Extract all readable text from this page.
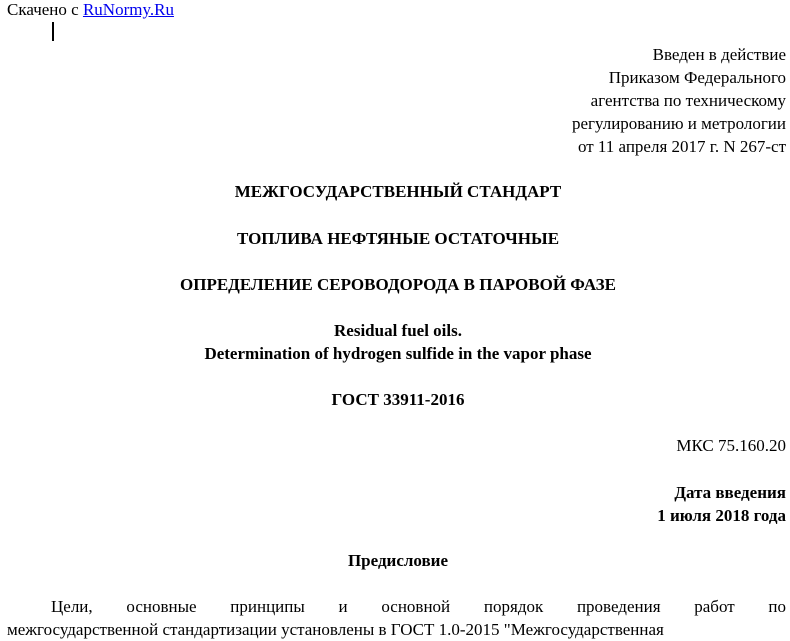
Скачено с RuNormy.Ru
Введен в действие
Приказом Федерального
агентства по техническому
регулированию и метрологии
от 11 апреля 2017 г. N 267-ст
МЕЖГОСУДАРСТВЕННЫЙ СТАНДАРТ
ТОПЛИВА НЕФТЯНЫЕ ОСТАТОЧНЫЕ
ОПРЕДЕЛЕНИЕ СЕРОВОДОРОДА В ПАРОВОЙ ФАЗЕ
Residual fuel oils.
Determination of hydrogen sulfide in the vapor phase
ГОСТ 33911-2016
МКС 75.160.20
Дата введения
1 июля 2018 года
Предисловие
Цели, основные принципы и основной порядок проведения работ по
межгосударственной стандартизации установлены в ГОСТ 1.0-2015 "Межгосударственная
